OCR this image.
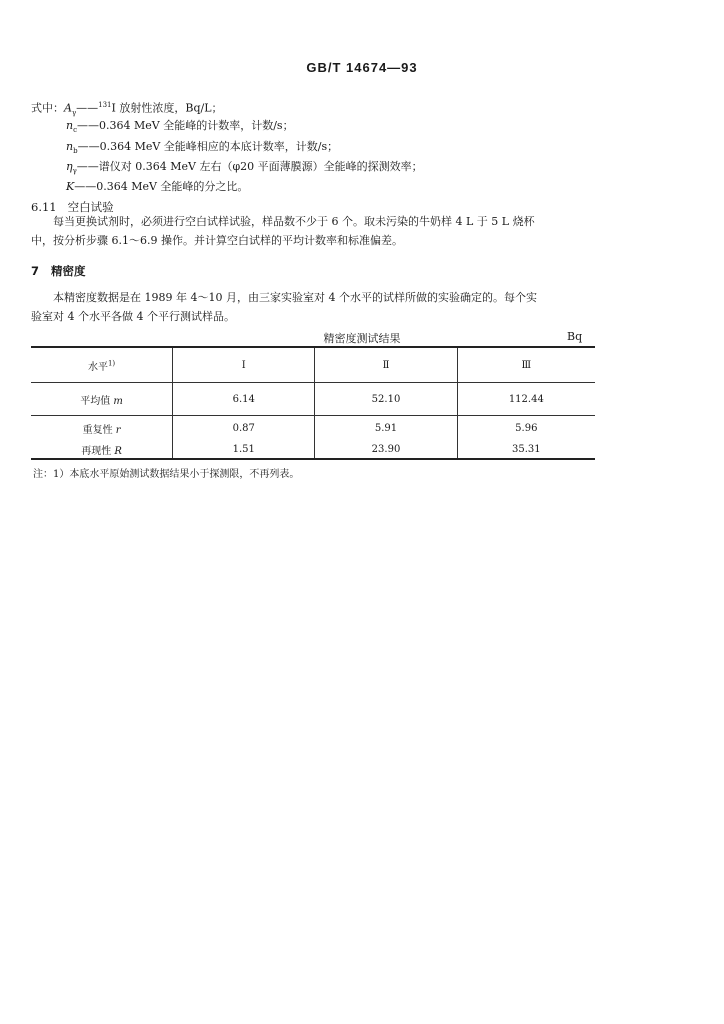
GB/T 14674—93
式中：$A_\gamma——^{131}I$ 放射性浓度，Bq/L；
$n_c——0.364$ MeV 全能峰的计数率，计数/s；
$n_b——0.364$ MeV 全能峰相应的本底计数率，计数/s；
$\eta_\gamma——$谱仪对 0.364 MeV 左右（φ20 平面薄膜源）全能峰的探测效率；
K——0.364 MeV 全能峰的分之比。
6.11 空白试验
每当更换试剂时，必须进行空白试样试验，样品数不少于 6 个。取未污染的牛奶样 4 L 于 5 L 烧杯
中，按分析步骤 6.1～6.9 操作。并计算空白试样的平均计数率和标准偏差。
7 精密度
本精密度数据是在 1989 年 4～10 月，由三家实验室对 4 个水平的试样所做的实验确定的。每个实
验室对 4 个水平各做 4 个平行测试样品。
精密度测试结果	Bq
水平$^{1)}$	Ⅰ	Ⅱ	Ⅲ
平均值 m	6.14	52.10	112.44
重复性 r	0.87	5.91	5.96
再现性 R	1.51	23.90	35.31
注：1）本底水平原始测试数据结果小于探测限，不再列表。
